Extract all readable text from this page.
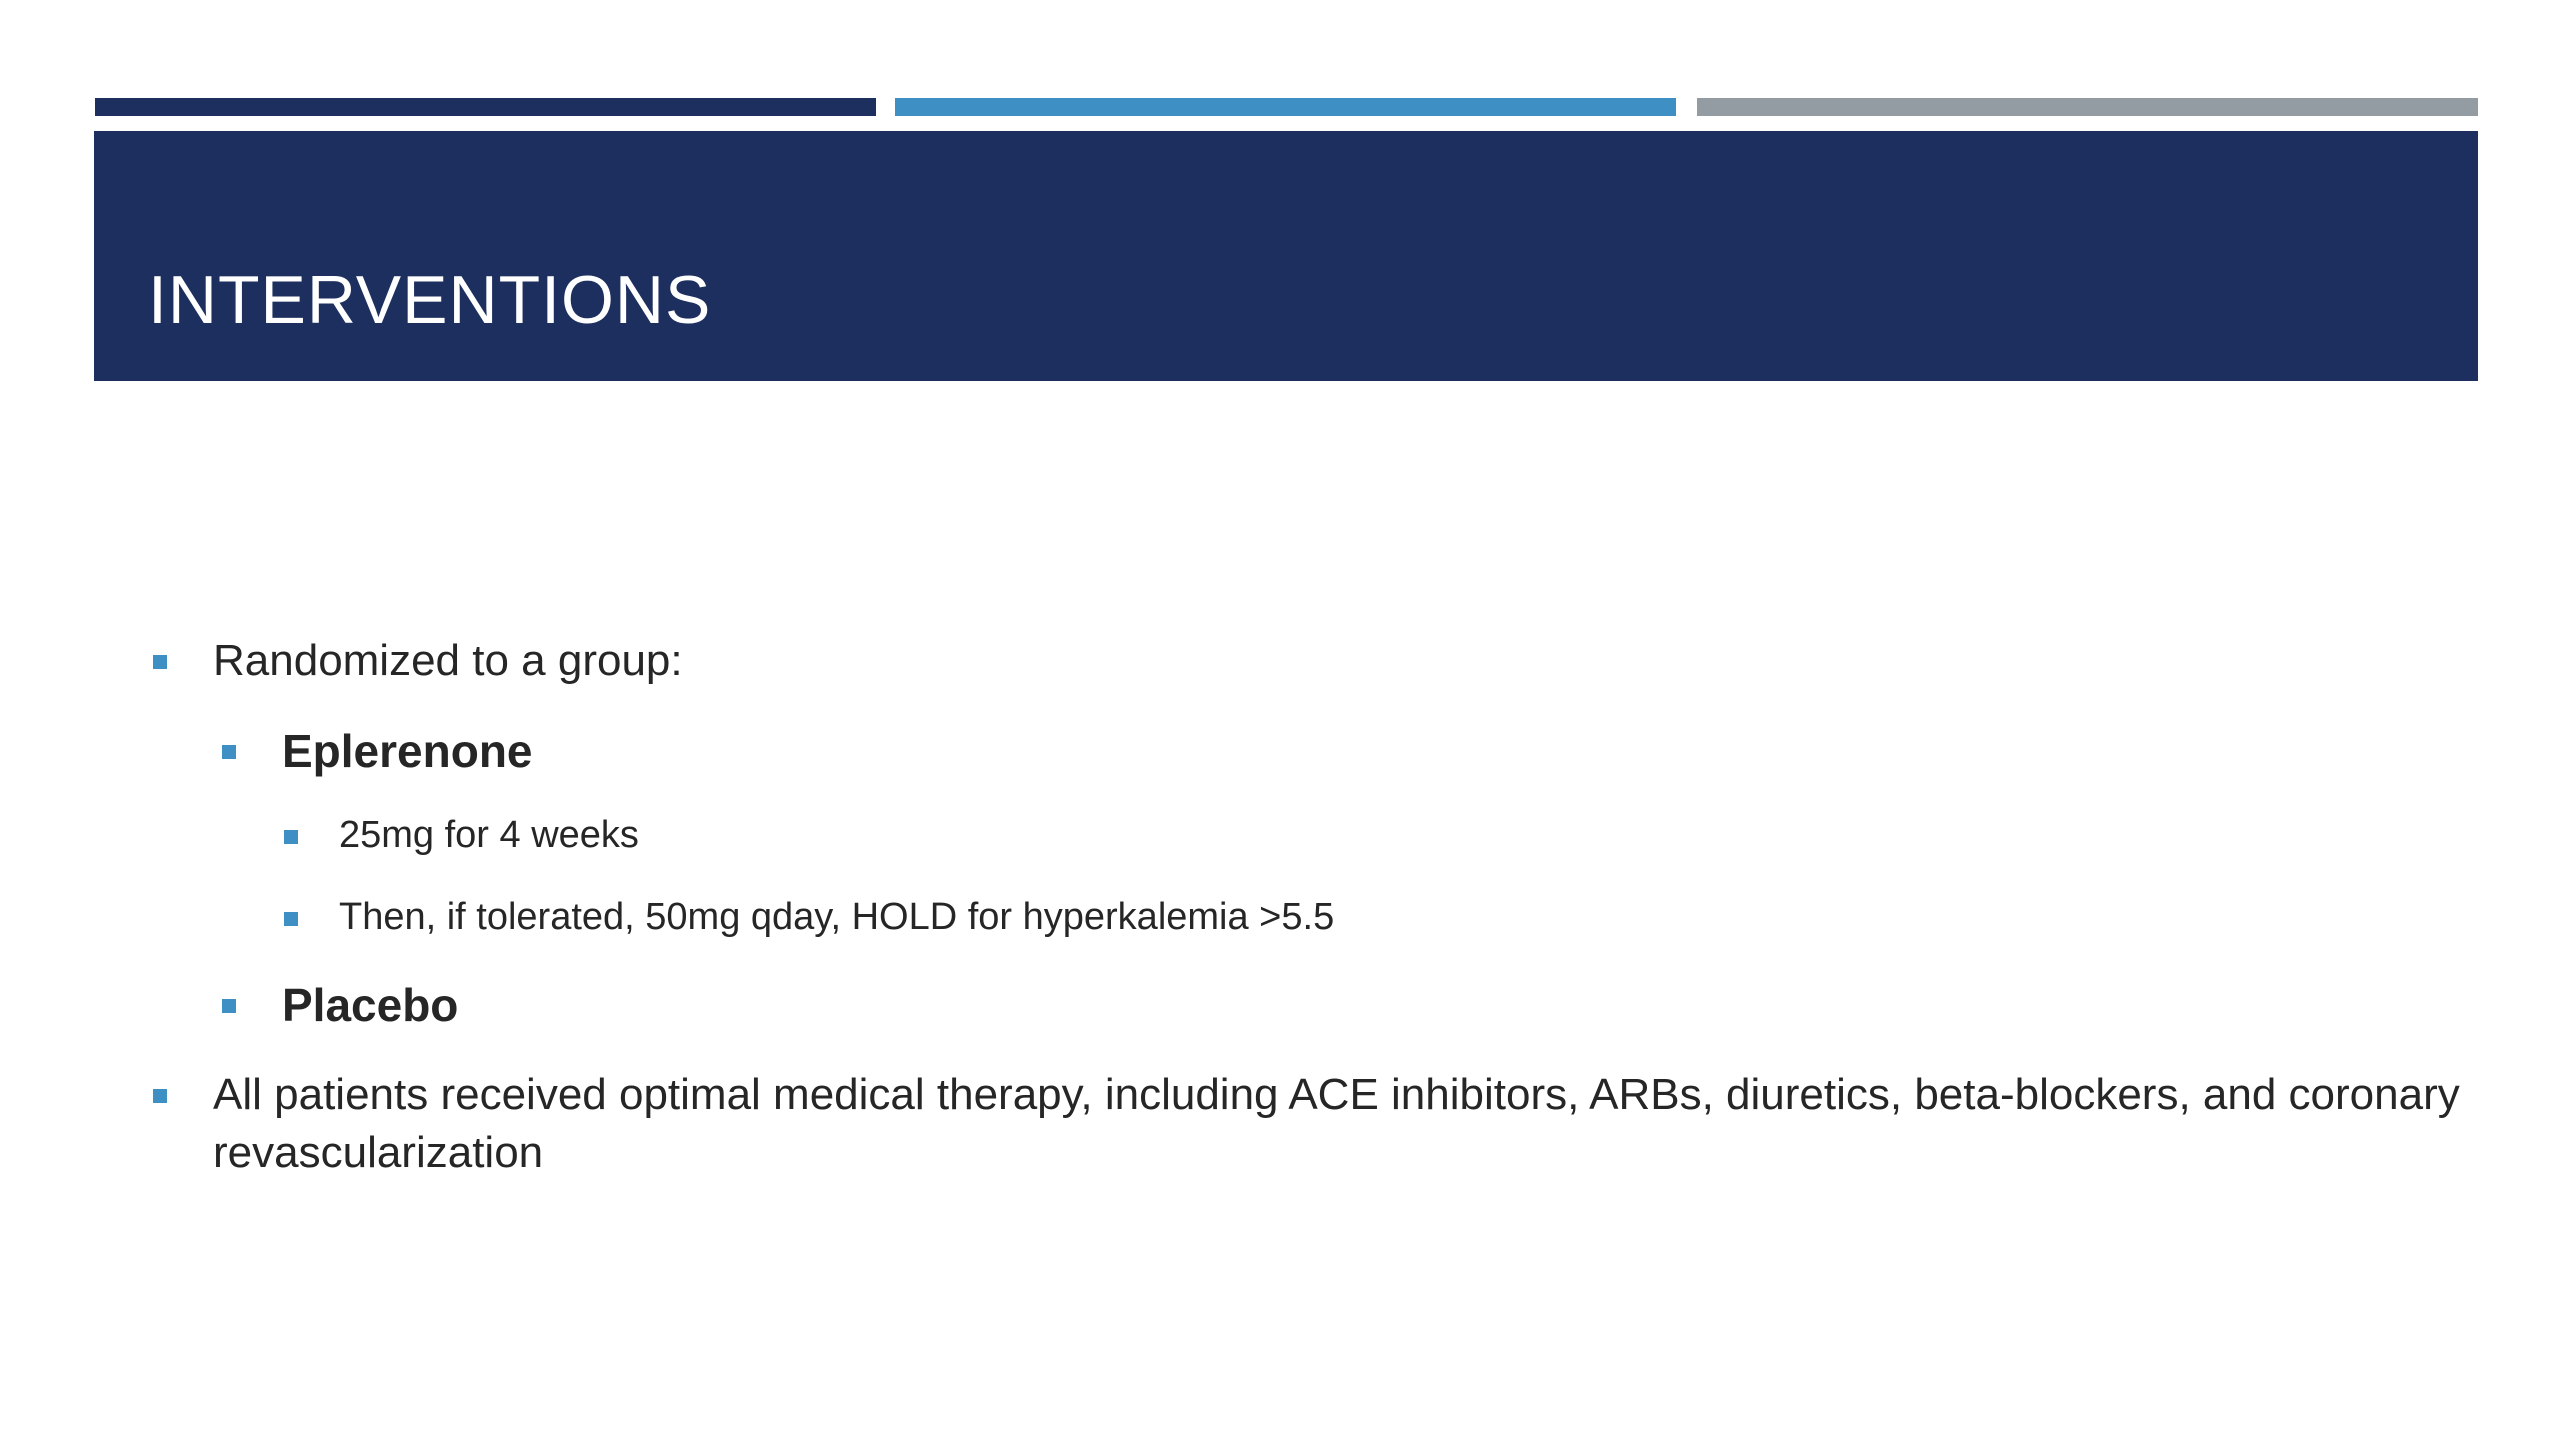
INTERVENTIONS
Randomized to a group:
Eplerenone
25mg for 4 weeks
Then, if tolerated, 50mg qday, HOLD for hyperkalemia >5.5
Placebo
All patients received optimal medical therapy, including ACE inhibitors, ARBs, diuretics, beta-blockers, and coronary revascularization
